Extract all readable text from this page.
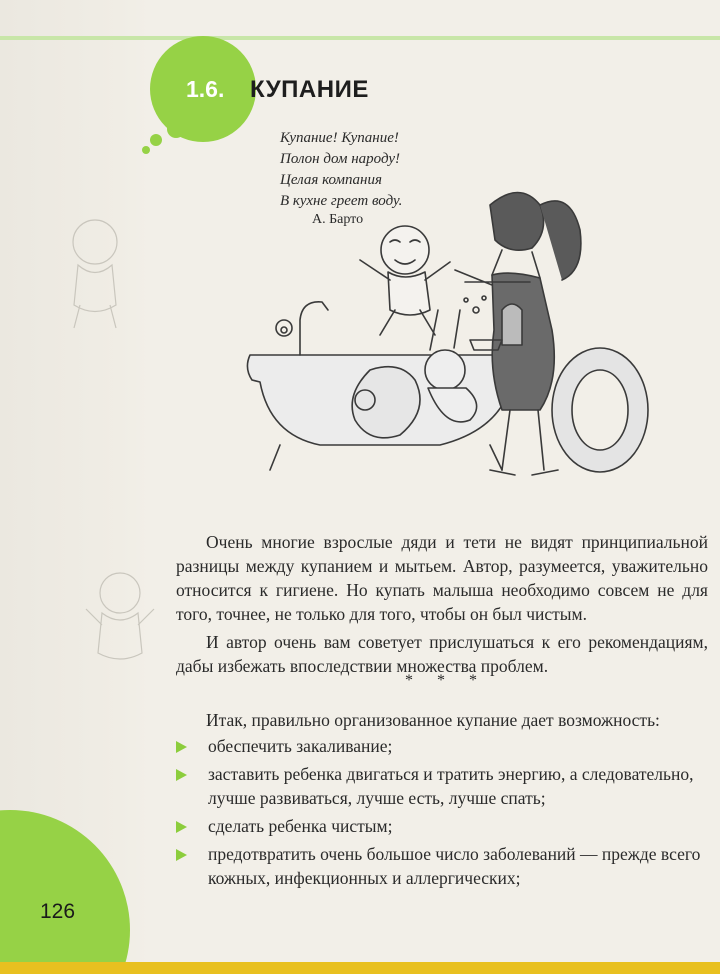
1.6.	КУПАНИЕ
Купание! Купание!
Полон дом народу!
Целая компания
В кухне греет воду.
А. Барто

Очень многие взрослые дяди и тети не видят принципиальной разницы между купанием и мытьем. Автор, разумеется, уважительно относится к гигиене. Но купать малыша необходимо совсем не для того, точнее, не только для того, чтобы он был чистым.

И автор очень вам советует прислушаться к его рекомендациям, дабы избежать впоследствии множества проблем.

* * *
Итак, правильно организованное купание дает возможность:
обеспечить закаливание;
заставить ребенка двигаться и тратить энергию, а следовательно, лучше развиваться, лучше есть, лучше спать;
сделать ребенка чистым;
предотвратить очень большое число заболеваний — прежде всего кожных, инфекционных и аллергических;
126
